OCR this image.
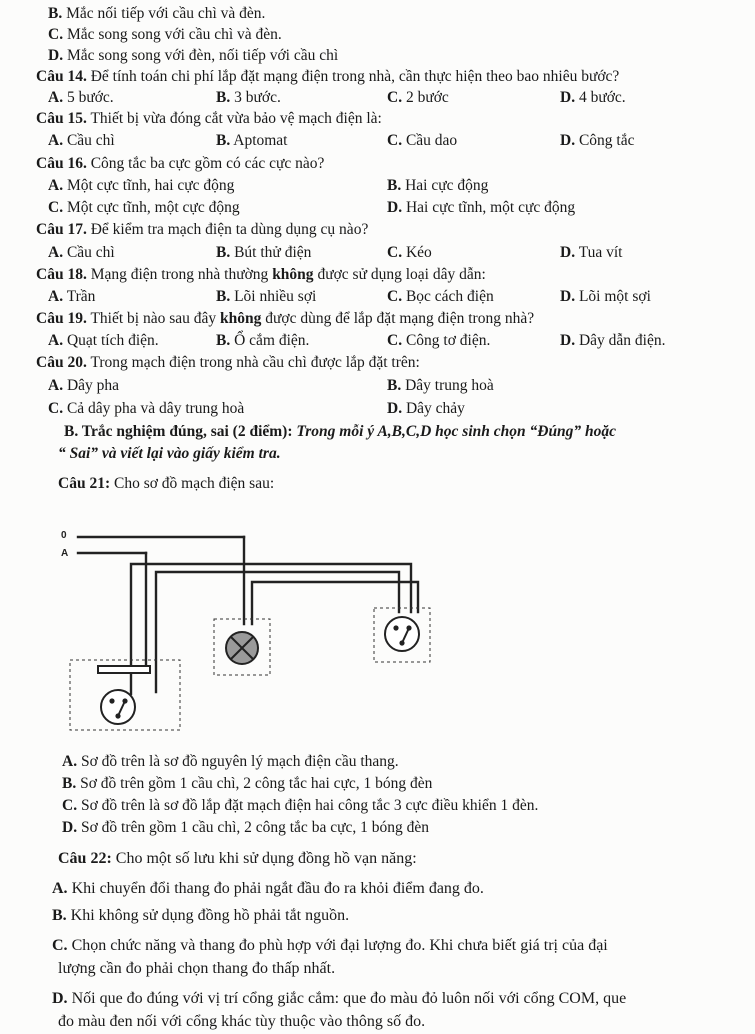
B. Mắc nối tiếp với cầu chì và đèn.
C. Mắc song song với cầu chì và đèn.
D. Mắc song song với đèn, nối tiếp với cầu chì
Câu 14. Để tính toán chi phí lắp đặt mạng điện trong nhà, cần thực hiện theo bao nhiêu bước?
A. 5 bước.	B. 3 bước.	C. 2 bước	D. 4 bước.
Câu 15. Thiết bị vừa đóng cắt vừa bảo vệ mạch điện là:
A. Cầu chì	B. Aptomat	C. Cầu dao	D. Công tắc
Câu 16. Công tắc ba cực gồm có các cực nào?
A. Một cực tĩnh, hai cực động	B. Hai cực động
C. Một cực tĩnh, một cực động	D. Hai cực tĩnh, một cực động
Câu 17. Để kiểm tra mạch điện ta dùng dụng cụ nào?
A. Cầu chì	B. Bút thử điện	C. Kéo	D. Tua vít
Câu 18. Mạng điện trong nhà thường không được sử dụng loại dây dẫn:
A. Trần	B. Lõi nhiều sợi	C. Bọc cách điện	D. Lõi một sợi
Câu 19. Thiết bị nào sau đây không được dùng để lắp đặt mạng điện trong nhà?
A. Quạt tích điện.	B. Ổ cắm điện.	C. Công tơ điện.	D. Dây dẫn điện.
Câu 20. Trong mạch điện trong nhà cầu chì được lắp đặt trên:
A. Dây pha	B. Dây trung hoà
C. Cả dây pha và dây trung hoà	D. Dây chảy
B. Trắc nghiệm đúng, sai (2 điểm): Trong mỗi ý A,B,C,D học sinh chọn “Đúng” hoặc
“ Sai” và viết lại vào giấy kiểm tra.
Câu 21: Cho sơ đồ mạch điện sau:
0
A
A. Sơ đồ trên là sơ đồ nguyên lý mạch điện cầu thang.
B. Sơ đồ trên gồm 1 cầu chì, 2 công tắc hai cực, 1 bóng đèn
C. Sơ đồ trên là sơ đồ lắp đặt mạch điện hai công tắc 3 cực điều khiển 1 đèn.
D. Sơ đồ trên gồm 1 cầu chì, 2 công tắc ba cực, 1 bóng đèn
Câu 22: Cho một số lưu khi sử dụng đồng hồ vạn năng:
A. Khi chuyển đổi thang đo phải ngắt đầu đo ra khỏi điểm đang đo.
B. Khi không sử dụng đồng hồ phải tắt nguồn.
C. Chọn chức năng và thang đo phù hợp với đại lượng đo. Khi chưa biết giá trị của đại
lượng cần đo phải chọn thang đo thấp nhất.
D. Nối que đo đúng với vị trí cổng giắc cắm: que đo màu đỏ luôn nối với cổng COM, que
đo màu đen nối với cổng khác tùy thuộc vào thông số đo.
